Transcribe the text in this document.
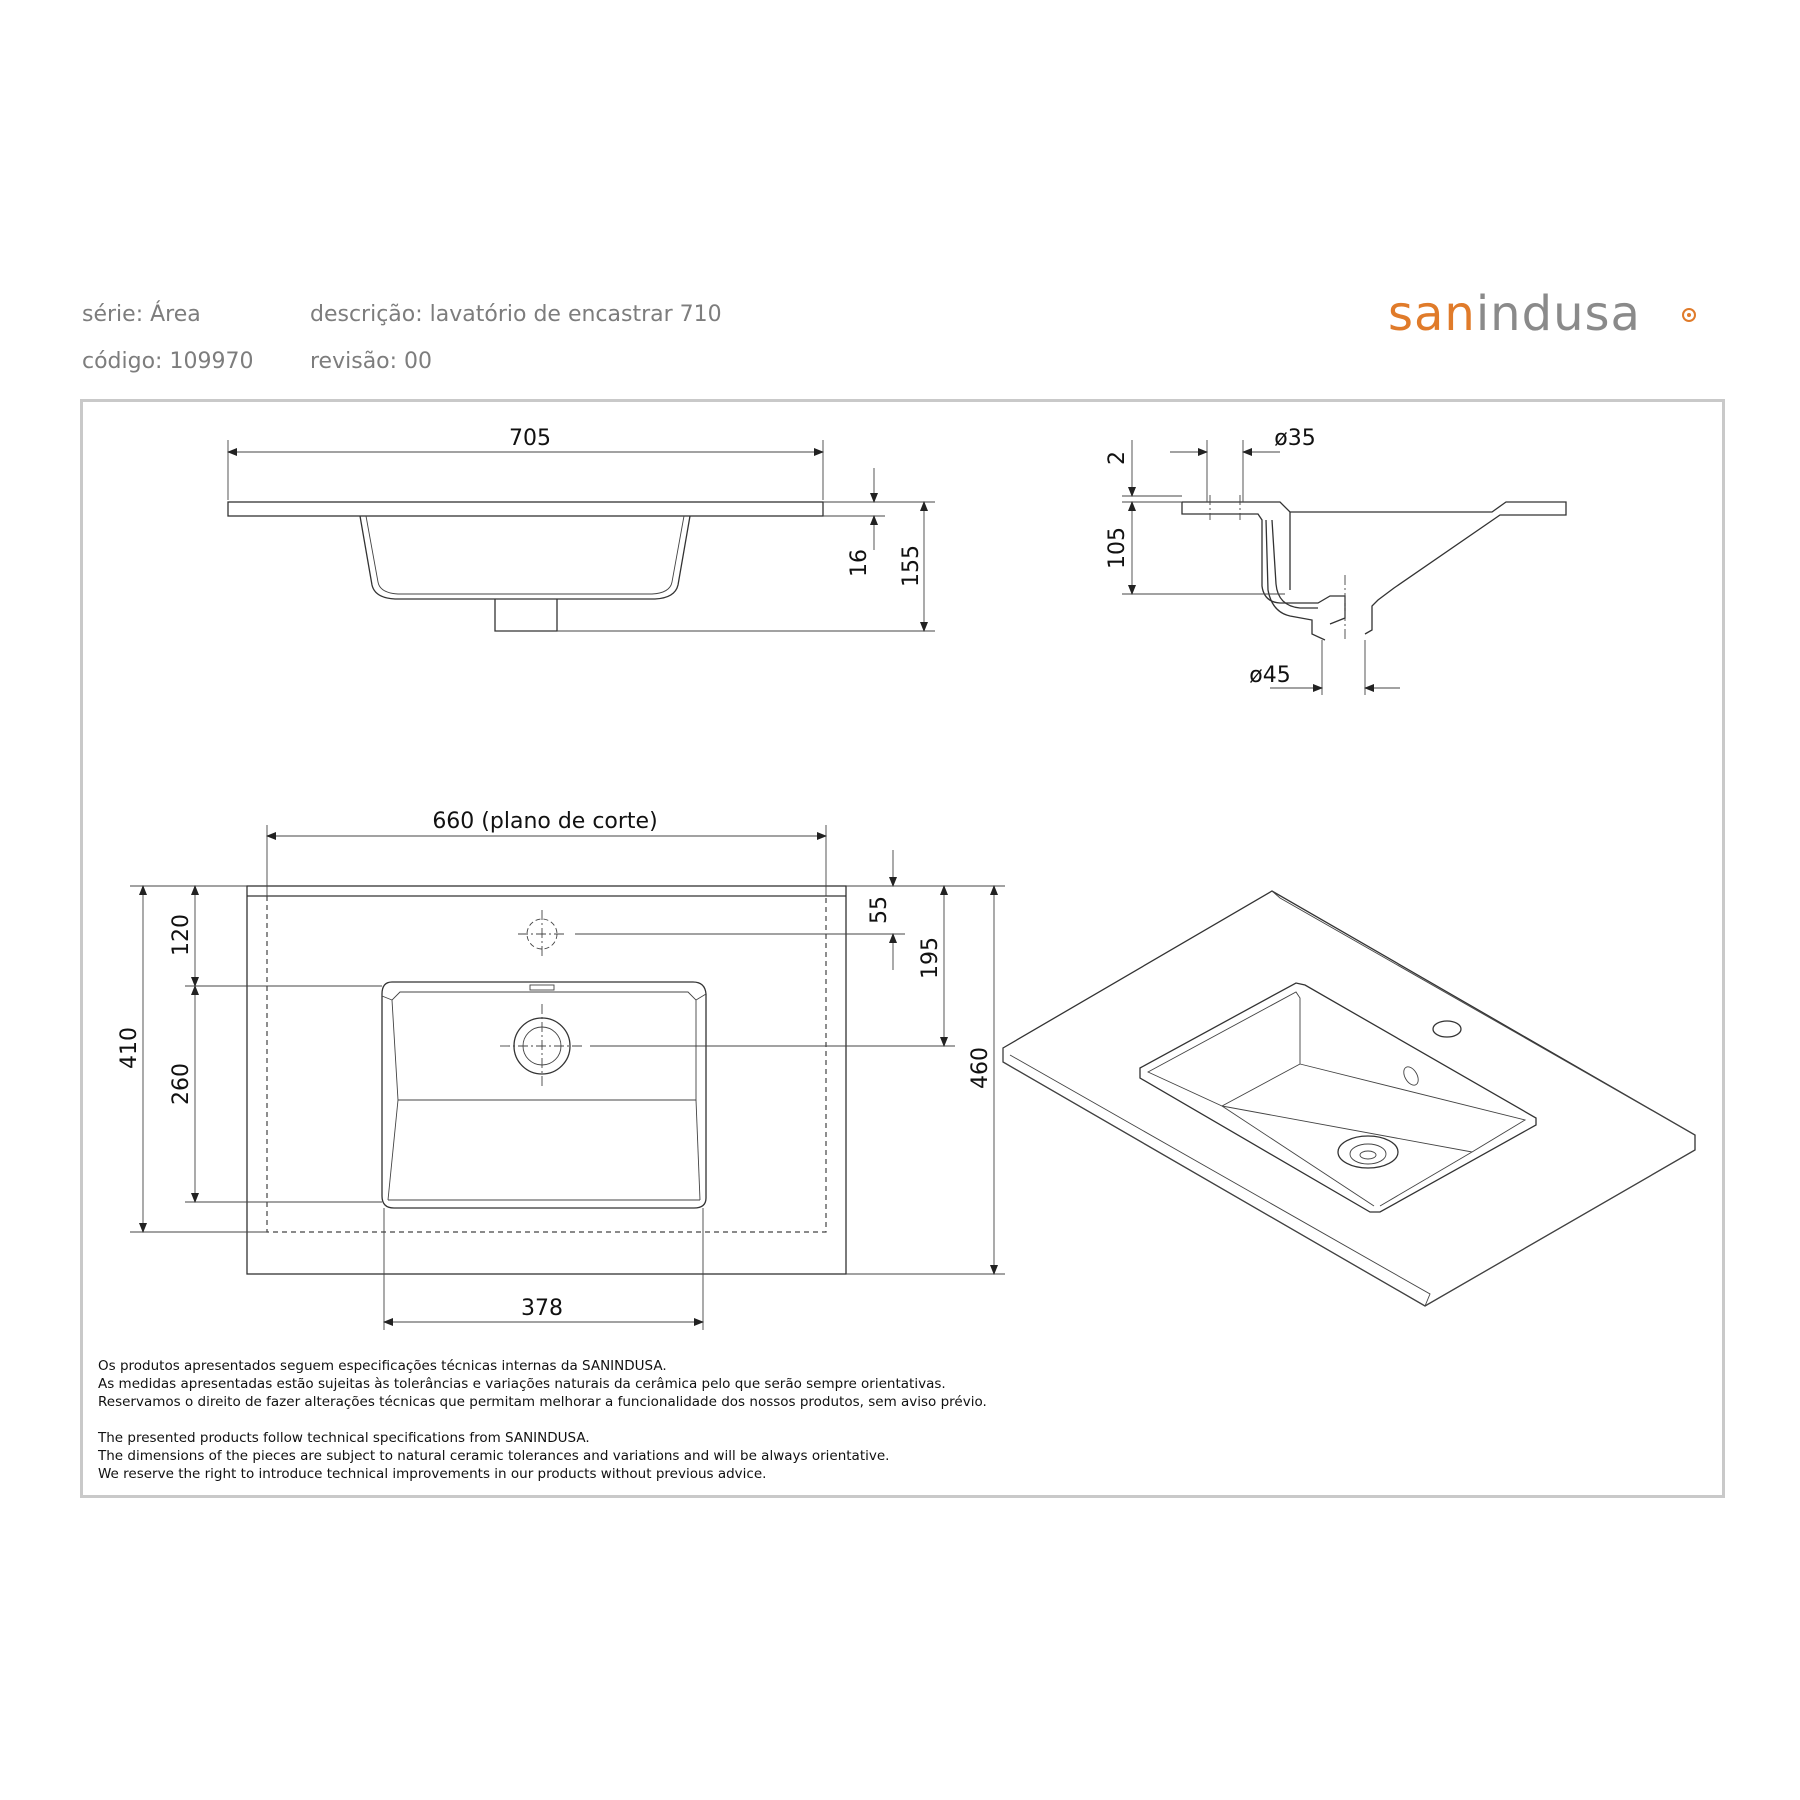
série: Área
código: 109970
descrição: lavatório de encastrar 710
revisão: 00
sanindusa
705
16 155
ø35
2
105
ø45
660 (plano de corte)
55
195
460
410
120
260
378

Os produtos apresentados seguem especificações técnicas internas da SANINDUSA.

As medidas apresentadas estão sujeitas às tolerâncias e variações naturais da cerâmica pelo que serão sempre orientativas.

Reservamos o direito de fazer alterações técnicas que permitam melhorar a funcionalidade dos nossos produtos, sem aviso prévio.

The presented products follow technical specifications from SANINDUSA.

The dimensions of the pieces are subject to natural ceramic tolerances and variations and will be always orientative.

We reserve the right to introduce technical improvements in our products without previous advice.
